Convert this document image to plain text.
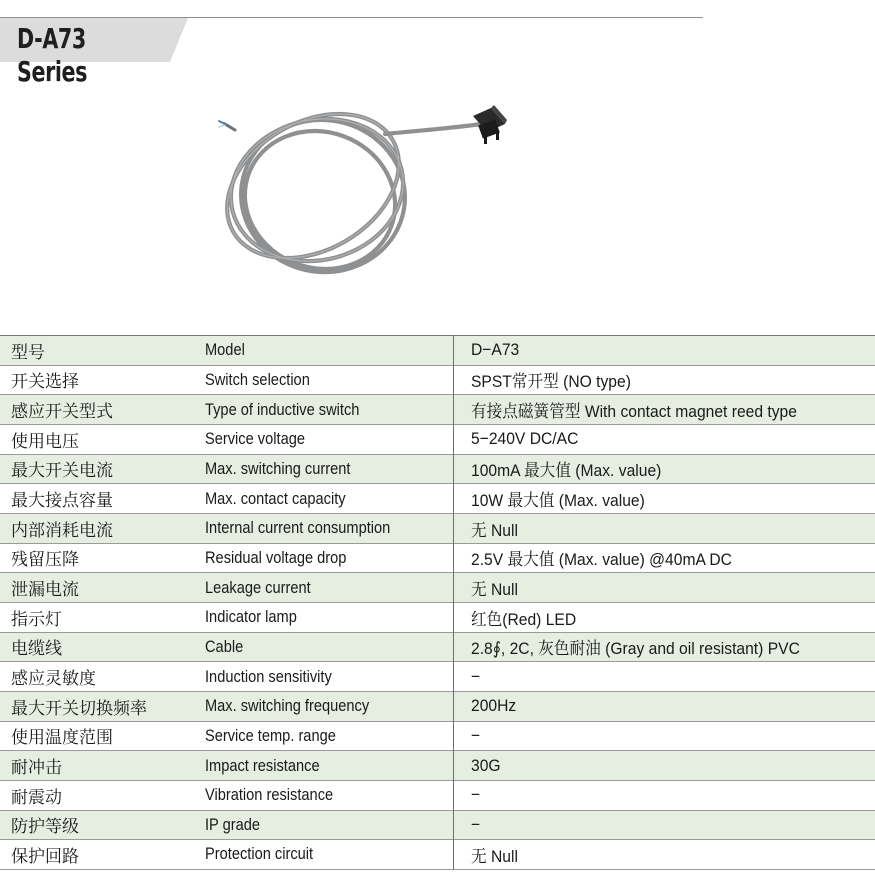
D-A73 Series
型号	Model	D−A73
开关选择	Switch selection	SPST常开型 (NO type)
感应开关型式	Type of inductive switch	有接点磁簧管型 With contact magnet reed type
使用电压	Service voltage	5−240V DC/AC
最大开关电流	Max. switching current	100mA 最大值 (Max. value)
最大接点容量	Max. contact capacity	10W 最大值 (Max. value)
内部消耗电流	Internal current consumption	无 Null
残留压降	Residual voltage drop	2.5V 最大值 (Max. value) @40mA DC
泄漏电流	Leakage current	无 Null
指示灯	Indicator lamp	红色(Red) LED
电缆线	Cable	2.8∮, 2C, 灰色耐油 (Gray and oil resistant) PVC
感应灵敏度	Induction sensitivity	−
最大开关切换频率	Max. switching frequency	200Hz
使用温度范围	Service temp. range	−
耐冲击	Impact resistance	30G
耐震动	Vibration resistance	−
防护等级	IP grade	−
保护回路	Protection circuit	无 Null
